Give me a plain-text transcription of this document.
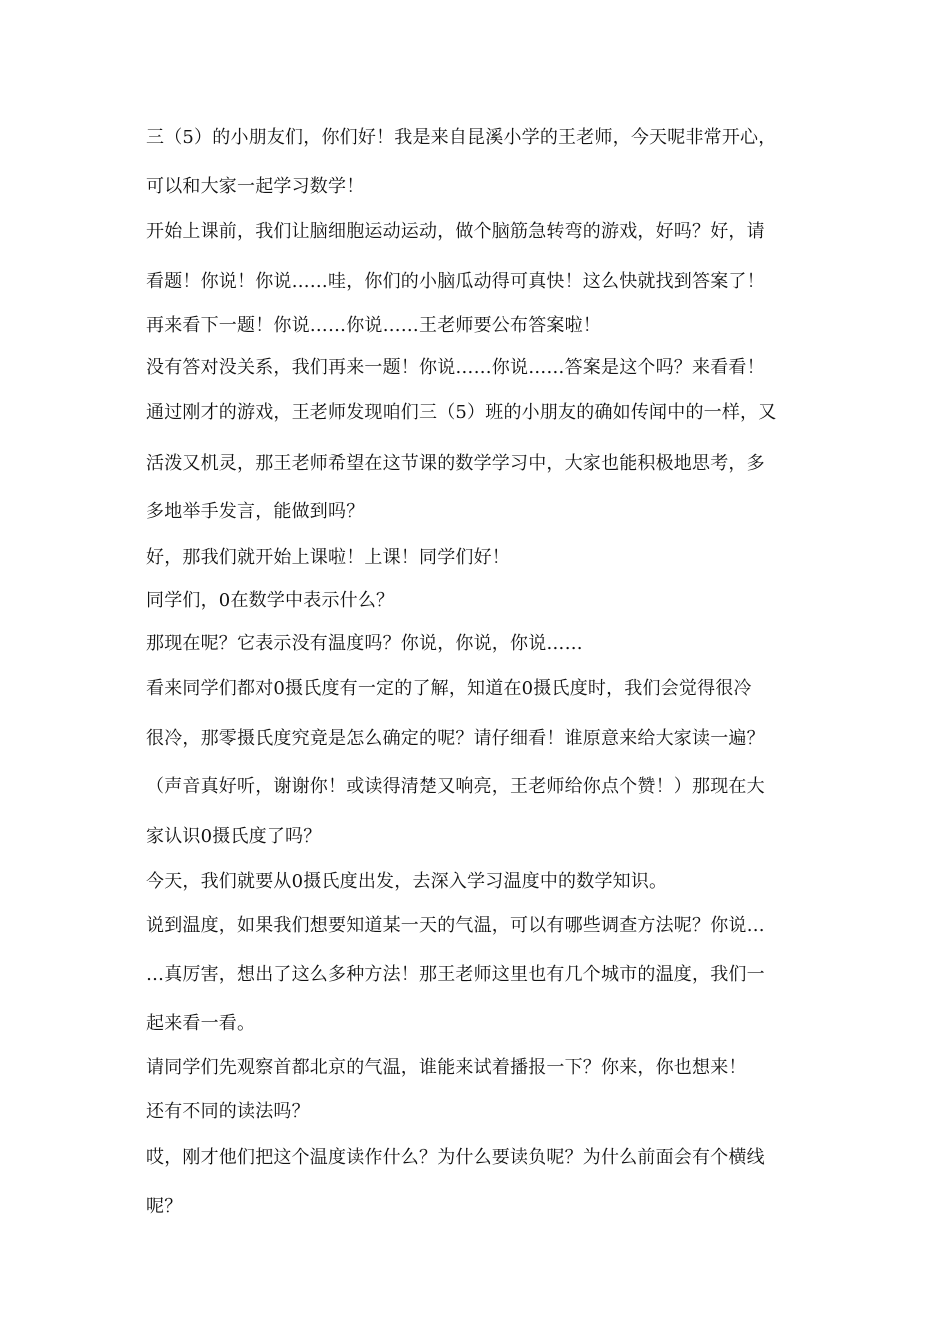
三（5）的小朋友们，你们好！我是来自昆溪小学的王老师，今天呢非常开心，
可以和大家一起学习数学！
开始上课前，我们让脑细胞运动运动，做个脑筋急转弯的游戏，好吗？好，请
看题！你说！你说……哇，你们的小脑瓜动得可真快！这么快就找到答案了！
再来看下一题！你说……你说……王老师要公布答案啦！
没有答对没关系，我们再来一题！你说……你说……答案是这个吗？来看看！
通过刚才的游戏，王老师发现咱们三（5）班的小朋友的确如传闻中的一样，又
活泼又机灵，那王老师希望在这节课的数学学习中，大家也能积极地思考，多
多地举手发言，能做到吗？
好，那我们就开始上课啦！上课！同学们好！
同学们，0在数学中表示什么？
那现在呢？它表示没有温度吗？你说，你说，你说……
看来同学们都对0摄氏度有一定的了解，知道在0摄氏度时，我们会觉得很冷
很冷，那零摄氏度究竟是怎么确定的呢？请仔细看！谁原意来给大家读一遍？
（声音真好听，谢谢你！或读得清楚又响亮，王老师给你点个赞！）那现在大
家认识0摄氏度了吗？
今天，我们就要从0摄氏度出发，去深入学习温度中的数学知识。
说到温度，如果我们想要知道某一天的气温，可以有哪些调查方法呢？你说…
…真厉害，想出了这么多种方法！那王老师这里也有几个城市的温度，我们一
起来看一看。
请同学们先观察首都北京的气温，谁能来试着播报一下？你来，你也想来！
还有不同的读法吗？
哎，刚才他们把这个温度读作什么？为什么要读负呢？为什么前面会有个横线
呢？
